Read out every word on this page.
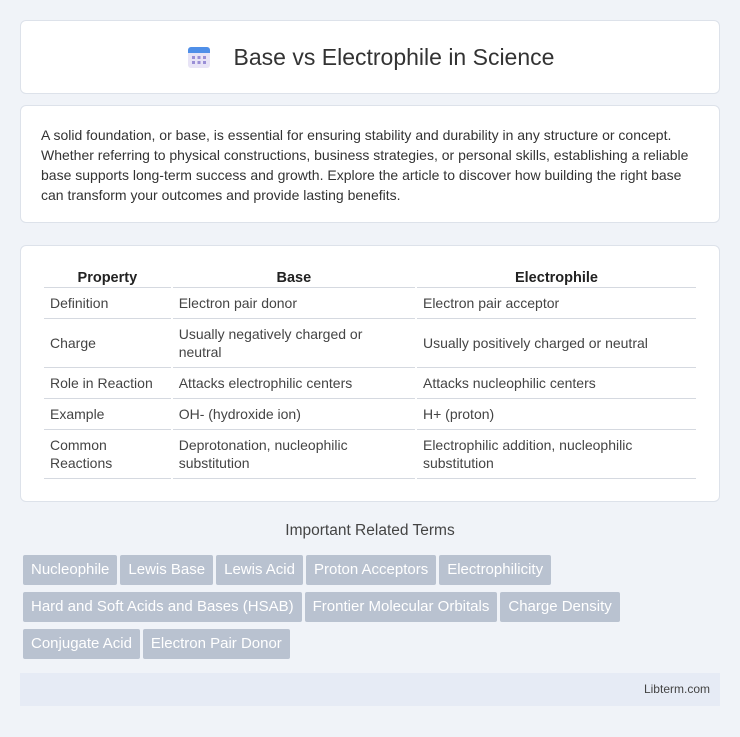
Base vs Electrophile in Science

A solid foundation, or base, is essential for ensuring stability and durability in any structure or concept. Whether referring to physical constructions, business strategies, or personal skills, establishing a reliable base supports long-term success and growth. Explore the article to discover how building the right base can transform your outcomes and provide lasting benefits.

Property	Base	Electrophile
Definition	Electron pair donor	Electron pair acceptor
Charge	Usually negatively charged or neutral	Usually positively charged or neutral
Role in Reaction	Attacks electrophilic centers	Attacks nucleophilic centers
Example	OH- (hydroxide ion)	H+ (proton)
Common Reactions	Deprotonation, nucleophilic substitution	Electrophilic addition, nucleophilic substitution
Important Related Terms
Nucleophile Lewis Base Lewis Acid Proton Acceptors Electrophilicity
Hard and Soft Acids and Bases (HSAB) Frontier Molecular Orbitals Charge Density
Conjugate Acid Electron Pair Donor
Libterm.com
